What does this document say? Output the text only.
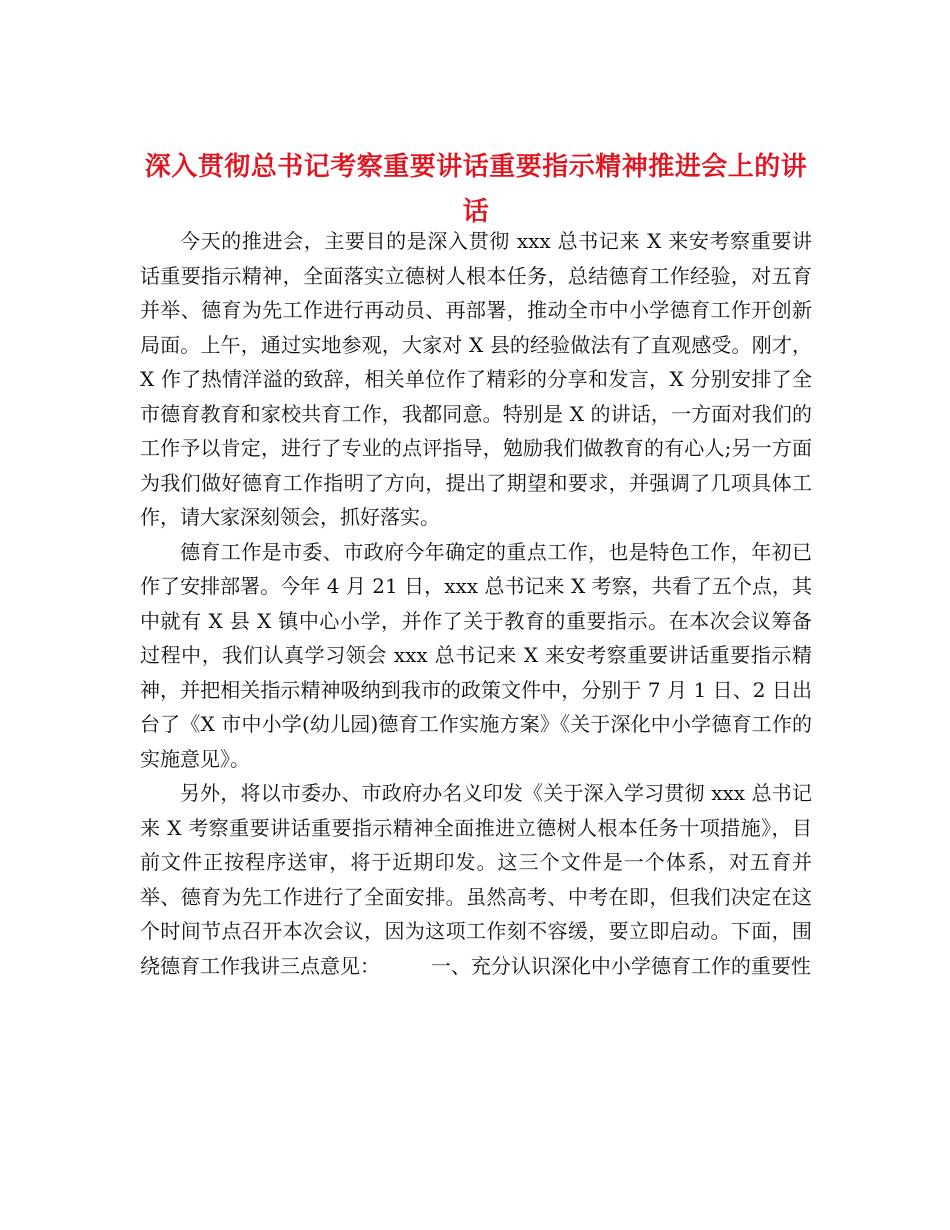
深入贯彻总书记考察重要讲话重要指示精神推进会上的讲话

今天的推进会，主要目的是深入贯彻 xxx 总书记来 X 来安考察重要讲话重要指示精神，全面落实立德树人根本任务，总结德育工作经验，对五育并举、德育为先工作进行再动员、再部署，推动全市中小学德育工作开创新局面。上午，通过实地参观，大家对 X 县的经验做法有了直观感受。刚才，X 作了热情洋溢的致辞，相关单位作了精彩的分享和发言，X 分别安排了全市德育教育和家校共育工作，我都同意。特别是 X 的讲话，一方面对我们的工作予以肯定，进行了专业的点评指导，勉励我们做教育的有心人;另一方面为我们做好德育工作指明了方向，提出了期望和要求，并强调了几项具体工作，请大家深刻领会，抓好落实。

德育工作是市委、市政府今年确定的重点工作，也是特色工作，年初已作了安排部署。今年 4 月 21 日，xxx 总书记来 X 考察，共看了五个点，其中就有 X 县 X 镇中心小学，并作了关于教育的重要指示。在本次会议筹备过程中，我们认真学习领会 xxx 总书记来 X 来安考察重要讲话重要指示精神，并把相关指示精神吸纳到我市的政策文件中，分别于 7 月 1 日、2 日出台了《X 市中小学(幼儿园)德育工作实施方案》《关于深化中小学德育工作的实施意见》。

另外，将以市委办、市政府办名义印发《关于深入学习贯彻 xxx 总书记来 X 考察重要讲话重要指示精神全面推进立德树人根本任务十项措施》，目前文件正按程序送审，将于近期印发。这三个文件是一个体系，对五育并举、德育为先工作进行了全面安排。虽然高考、中考在即，但我们决定在这个时间节点召开本次会议，因为这项工作刻不容缓，要立即启动。下面，围绕德育工作我讲三点意见：        一、充分认识深化中小学德育工作的重要性
